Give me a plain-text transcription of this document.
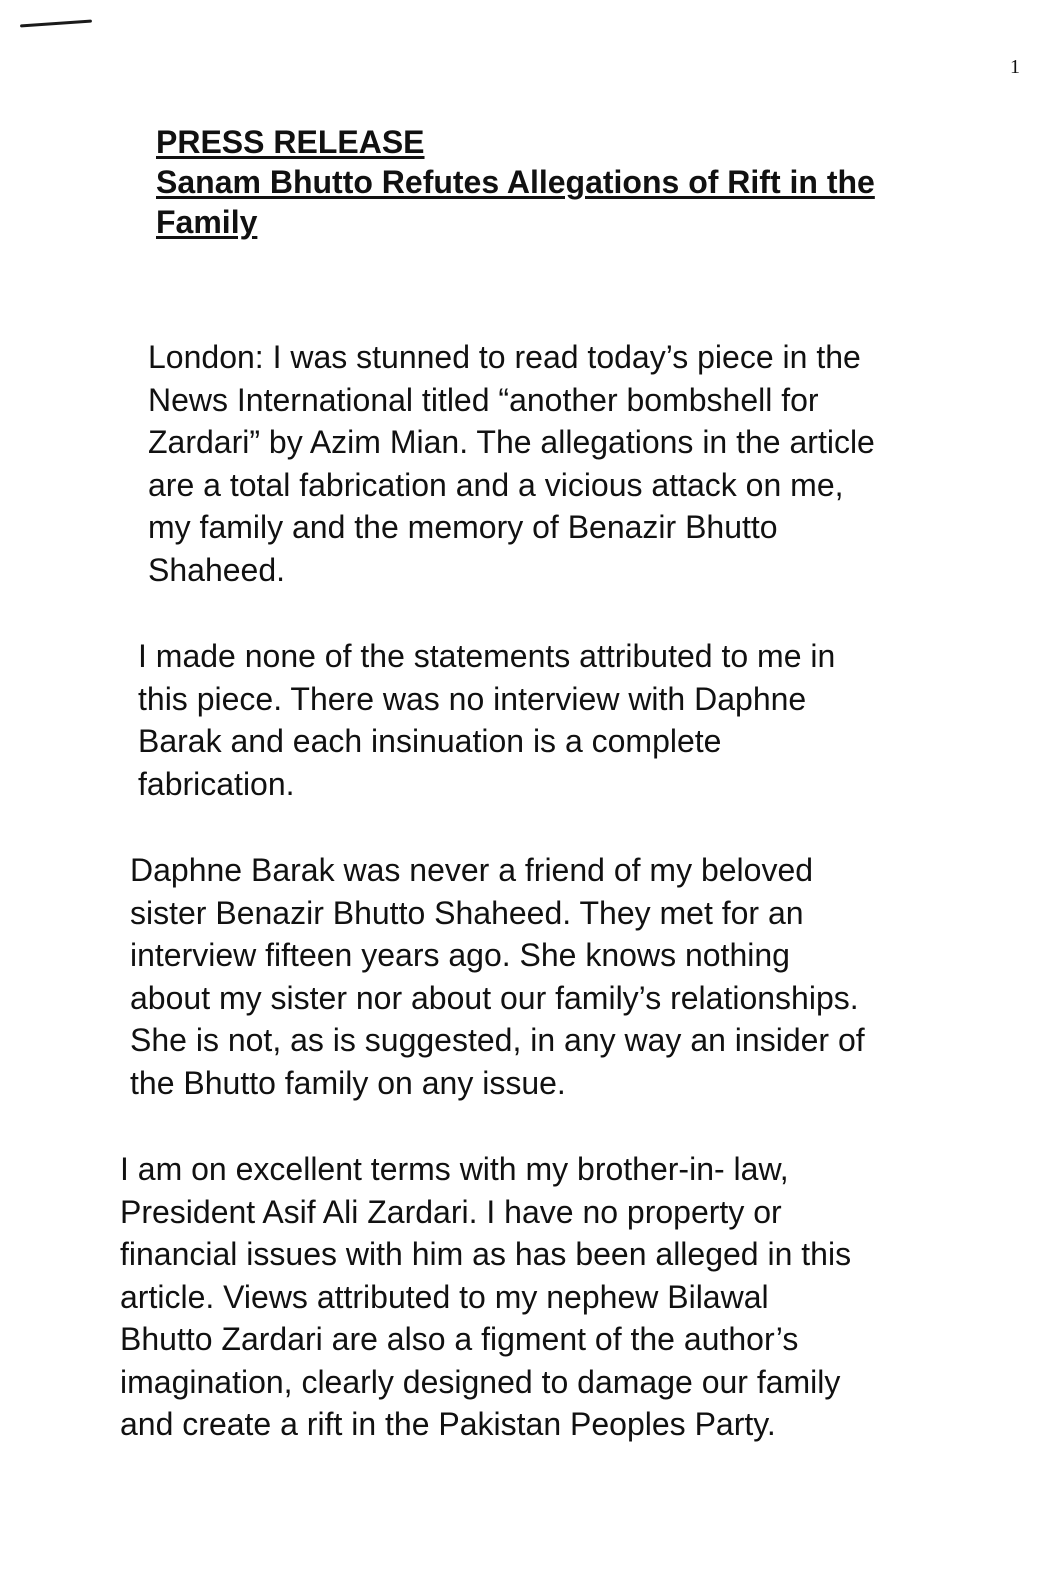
1
PRESS RELEASE
Sanam Bhutto Refutes Allegations of Rift in the
Family
London: I was stunned to read today’s piece in the
News International titled “another bombshell for
Zardari” by Azim Mian. The allegations in the article
are a total fabrication and a vicious attack on me,
my family and the memory of Benazir Bhutto
Shaheed.
I made none of the statements attributed to me in
this piece. There was no interview with Daphne
Barak and each insinuation is a complete
fabrication.
Daphne Barak was never a friend of my beloved
sister Benazir Bhutto Shaheed. They met for an
interview fifteen years ago. She knows nothing
about my sister nor about our family’s relationships.
She is not, as is suggested, in any way an insider of
the Bhutto family on any issue.
I am on excellent terms with my brother-in- law,
President Asif Ali Zardari. I have no property or
financial issues with him as has been alleged in this
article. Views attributed to my nephew Bilawal
Bhutto Zardari are also a figment of the author’s
imagination, clearly designed to damage our family
and create a rift in the Pakistan Peoples Party.
